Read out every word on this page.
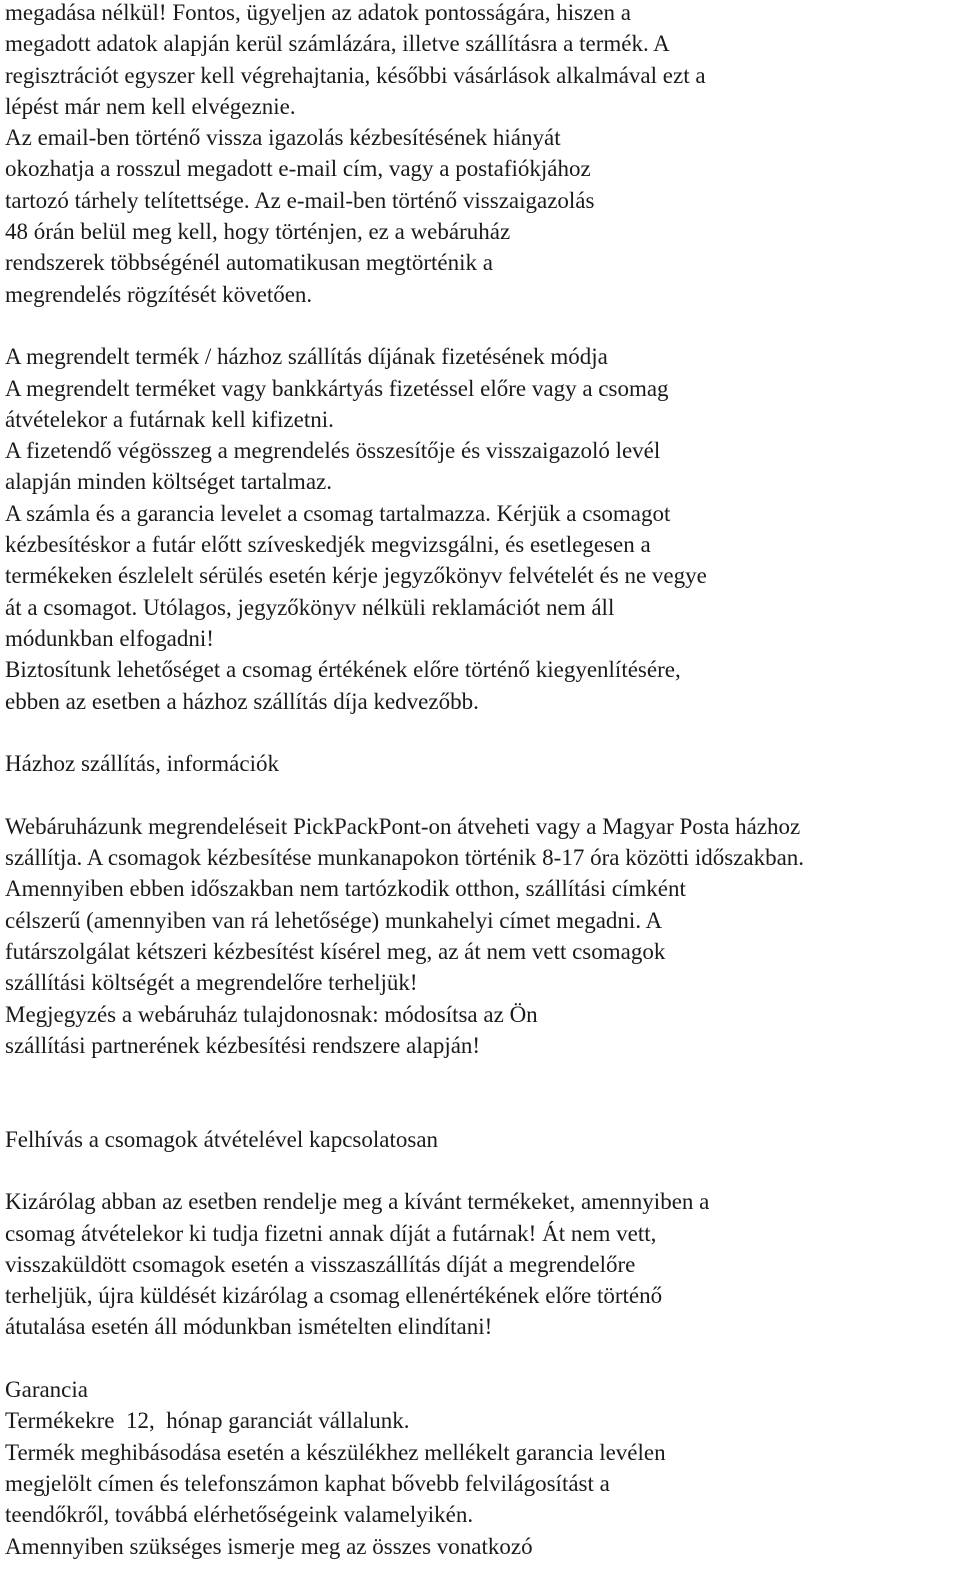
megadása nélkül! Fontos, ügyeljen az adatok pontosságára, hiszen a
megadott adatok alapján kerül számlázára, illetve szállításra a termék. A
regisztrációt egyszer kell végrehajtania, későbbi vásárlások alkalmával ezt a
lépést már nem kell elvégeznie.
Az email-ben történő vissza igazolás kézbesítésének hiányát
okozhatja a rosszul megadott e-mail cím, vagy a postafiókjához
tartozó tárhely telítettsége. Az e-mail-ben történő visszaigazolás
48 órán belül meg kell, hogy történjen, ez a webáruház
rendszerek többségénél automatikusan megtörténik a
megrendelés rögzítését követően.
A megrendelt termék / házhoz szállítás díjának fizetésének módja
A megrendelt terméket vagy bankkártyás fizetéssel előre vagy a csomag
átvételekor a futárnak kell kifizetni.
A fizetendő végösszeg a megrendelés összesítője és visszaigazoló levél
alapján minden költséget tartalmaz.
A számla és a garancia levelet a csomag tartalmazza. Kérjük a csomagot
kézbesítéskor a futár előtt szíveskedjék megvizsgálni, és esetlegesen a
termékeken észlelelt sérülés esetén kérje jegyzőkönyv felvételét és ne vegye
át a csomagot. Utólagos, jegyzőkönyv nélküli reklamációt nem áll
módunkban elfogadni!
Biztosítunk lehetőséget a csomag értékének előre történő kiegyenlítésére,
ebben az esetben a házhoz szállítás díja kedvezőbb.
Házhoz szállítás, információk
Webáruházunk megrendeléseit PickPackPont-on átveheti vagy a Magyar Posta házhoz
szállítja. A csomagok kézbesítése munkanapokon történik 8-17 óra közötti időszakban.
Amennyiben ebben időszakban nem tartózkodik otthon, szállítási címként
célszerű (amennyiben van rá lehetősége) munkahelyi címet megadni. A
futárszolgálat kétszeri kézbesítést kísérel meg, az át nem vett csomagok
szállítási költségét a megrendelőre terheljük!
Megjegyzés a webáruház tulajdonosnak: módosítsa az Ön
szállítási partnerének kézbesítési rendszere alapján!
Felhívás a csomagok átvételével kapcsolatosan
Kizárólag abban az esetben rendelje meg a kívánt termékeket, amennyiben a
csomag átvételekor ki tudja fizetni annak díját a futárnak! Át nem vett,
visszaküldött csomagok esetén a visszaszállítás díját a megrendelőre
terheljük, újra küldését kizárólag a csomag ellenértékének előre történő
átutalása esetén áll módunkban ismételten elindítani!
Garancia
Termékekre  12,  hónap garanciát vállalunk.
Termék meghibásodása esetén a készülékhez mellékelt garancia levélen
megjelölt címen és telefonszámon kaphat bővebb felvilágosítást a
teendőkről, továbbá elérhetőségeink valamelyikén.
Amennyiben szükséges ismerje meg az összes vonatkozó
